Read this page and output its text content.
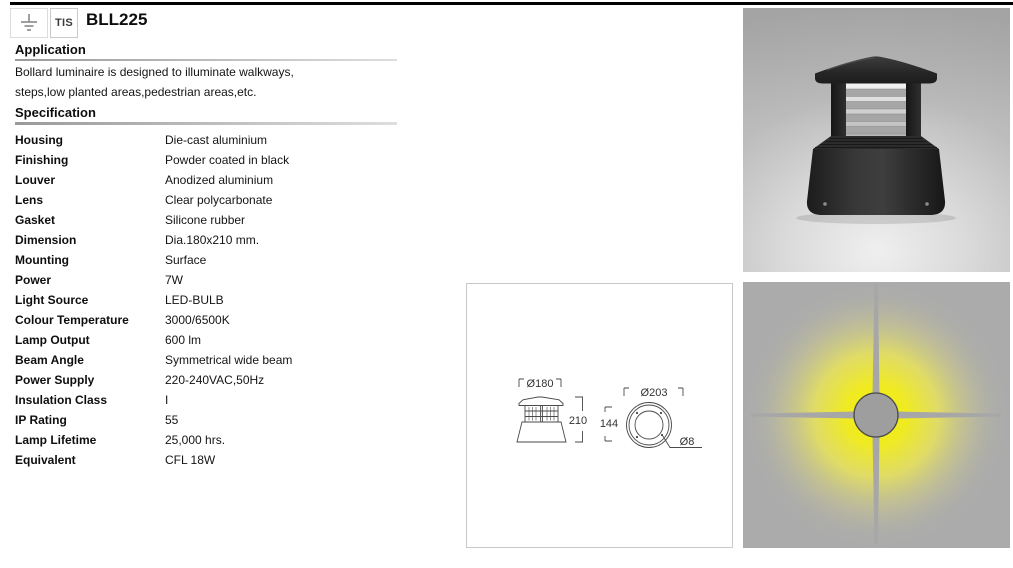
TIS BLL225
Application
Bollard luminaire is designed to illuminate walkways,
steps,low planted areas,pedestrian areas,etc.
Specification
Housing	Die-cast aluminium
Finishing	Powder coated in black
Louver	Anodized aluminium
Lens	Clear polycarbonate
Gasket	Silicone rubber
Dimension	Dia.180x210 mm.
Mounting	Surface
Power	7W
Light Source	LED-BULB
Colour Temperature	3000/6500K
Lamp Output	600 lm
Beam Angle	Symmetrical wide beam
Power Supply	220-240VAC,50Hz
Insulation Class	I
IP Rating	55
Lamp Lifetime	25,000 hrs.
Equivalent	CFL 18W
Ø180
210
Ø203
144
Ø8
